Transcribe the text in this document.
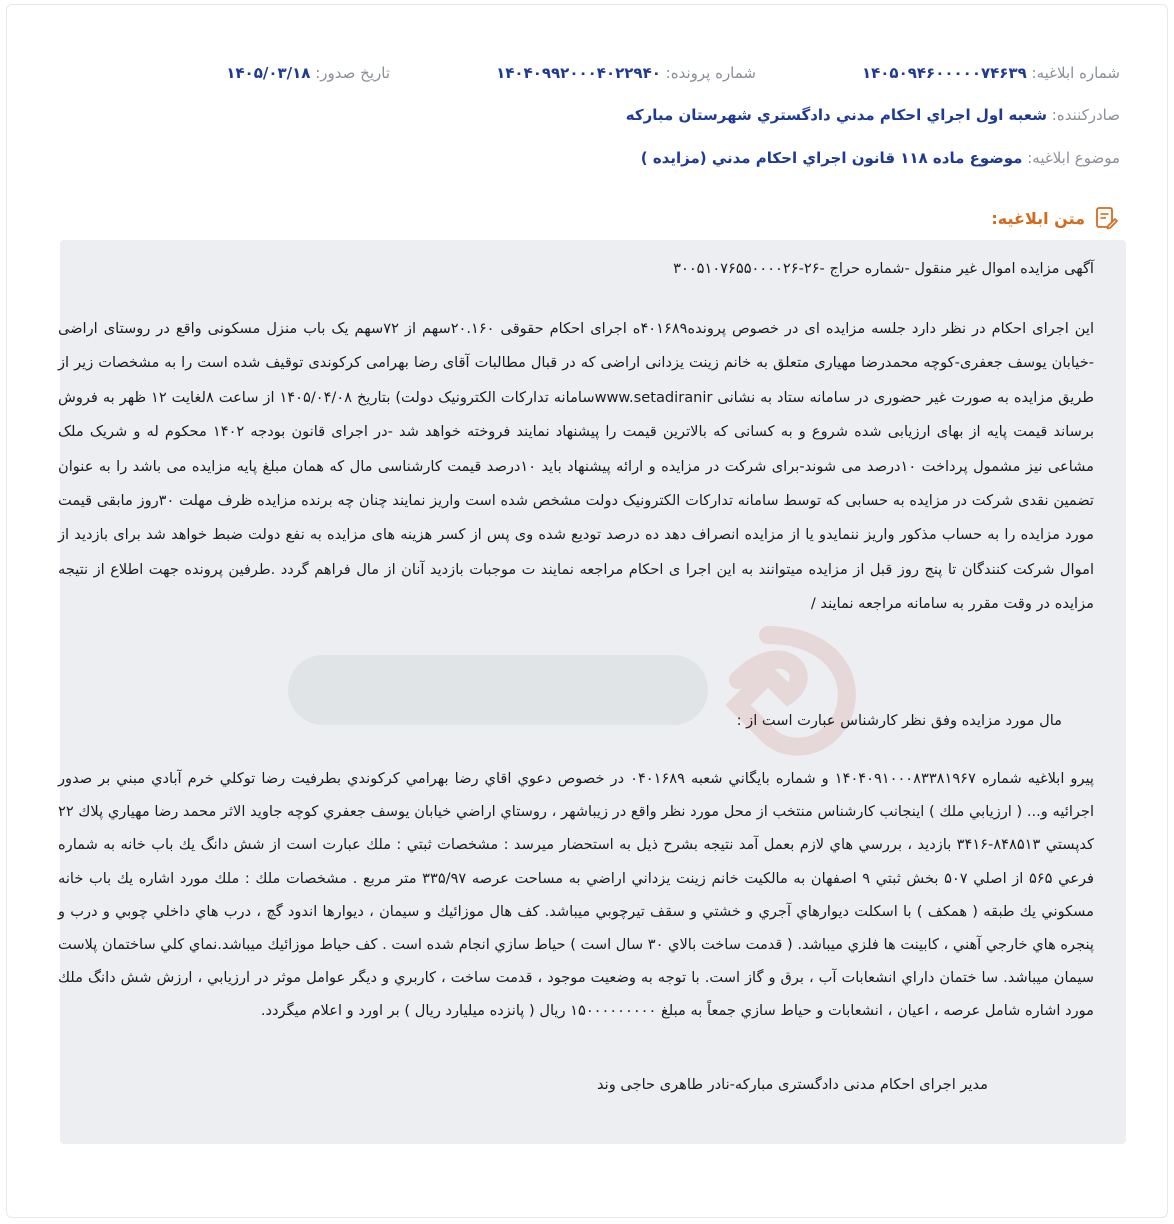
شماره ابلاغیه: ۱۴۰۵۰۹۴۶۰۰۰۰۰۷۴۶۳۹
شماره پرونده: ۱۴۰۴۰۹۹۲۰۰۰۴۰۲۲۹۴۰
تاریخ صدور: ۱۴۰۵/۰۳/۱۸
صادرکننده: شعبه اول اجراي احكام مدني دادگستري شهرستان مباركه
موضوع ابلاغیه: موضوع ماده ۱۱۸ قانون اجراي احكام مدني (مزايده )
متن ابلاغیه:

آگهی مزایده اموال غیر منقول -شماره حراج -۲۶-۳۰۰۵۱۰۷۶۵۵۰۰۰۰۲۶

این اجرای احکام در نظر دارد جلسه مزایده ای در خصوص پرونده۴۰۱۶۸۹ه اجرای احکام حقوقی ۲۰.۱۶۰سهم از ۷۲سهم یک باب منزل مسکونی واقع در روستای اراضی -خیابان یوسف جعفری-کوچه محمدرضا مهیاری متعلق به خانم زینت یزدانی اراضی که در قبال مطالبات آقای رضا بهرامی کرکوندی توقیف شده است را به مشخصات زیر از طریق مزایده به صورت غیر حضوری در سامانه ستاد به نشانی www.setadiranirسامانه تدارکات الکترونیک دولت) بتاریخ ۱۴۰۵/۰۴/۰۸ از ساعت ۸لغایت ۱۲ ظهر به فروش برساند قیمت پایه از بهای ارزیابی شده شروع و به کسانی که بالاترین قیمت را پیشنهاد نمایند فروخته خواهد شد -در اجرای قانون بودجه ۱۴۰۲ محکوم له و شریک ملک مشاعی نیز مشمول پرداخت ۱۰درصد می شوند-برای شرکت در مزایده و ارائه پیشنهاد باید ۱۰درصد قیمت کارشناسی مال که همان مبلغ پایه مزایده می باشد را به عنوان تضمین نقدی شرکت در مزایده به حسابی که توسط سامانه تدارکات الکترونیک دولت مشخص شده است واریز نمایند چنان چه برنده مزایده ظرف مهلت ۳۰روز مابقی قیمت مورد مزایده را به حساب مذکور واریز ننمایدو یا از مزایده انصراف دهد ده درصد تودیع شده وی پس از کسر هزینه های مزایده به نفع دولت ضبط خواهد شد برای بازدید از اموال شرکت کنندگان تا پنج روز قبل از مزایده میتوانند به این اجرا ی احکام مراجعه نمایند ت موجبات بازدید آنان از مال فراهم گردد .طرفین پرونده جهت اطلاع از نتیجه مزایده در وقت مقرر به سامانه مراجعه نمایند /

مال مورد مزایده وفق نظر کارشناس عبارت است از :

پيرو ابلاغيه شماره ۱۴۰۴۰۹۱۰۰۰۸۳۳۸۱۹۶۷ و شماره بايگاني شعبه ۰۴۰۱۶۸۹ در خصوص دعوي اقاي رضا بهرامي كركوندي بطرفيت رضا توكلي خرم آبادي مبني بر صدور اجرائيه و... ( ارزيابي ملك ) اينجانب كارشناس منتخب از محل مورد نظر واقع در زيباشهر ، روستاي اراضي خيابان يوسف جعفري كوچه جاويد الاثر محمد رضا مهياري پلاك ۲۲ كدپستي ۸۴۸۵۱۳-۳۴۱۶ بازديد ، بررسي هاي لازم بعمل آمد نتيجه بشرح ذيل به استحضار ميرسد : مشخصات ثبتي : ملك عبارت است از شش دانگ يك باب خانه به شماره فرعي ۵۶۵ از اصلي ۵۰۷ بخش ثبتي ۹ اصفهان به مالكيت خانم زينت يزداني اراضي به مساحت عرصه ۳۳۵/۹۷ متر مربع . مشخصات ملك : ملك مورد اشاره يك باب خانه مسكوني يك طبقه ( همكف ) با اسكلت ديوارهاي آجري و خشتي و سقف تيرچوبي ميباشد. كف هال موزائيك و سيمان ، ديوارها اندود گچ ، درب هاي داخلي چوبي و درب و پنجره هاي خارجي آهني ، كابينت ها فلزي ميباشد. ( قدمت ساخت بالاي ۳۰ سال است ) حياط سازي انجام شده است . كف حياط موزائيك ميباشد.نماي كلي ساختمان پلاست سيمان ميباشد. سا ختمان داراي انشعابات آب ، برق و گاز است. با توجه به وضعيت موجود ، قدمت ساخت ، كاربري و ديگر عوامل موثر در ارزيابي ، ارزش شش دانگ ملك مورد اشاره شامل عرصه ، اعيان ، انشعابات و حياط سازي جمعاً به مبلغ ۱۵۰۰۰۰۰۰۰۰۰ ريال ( پانزده ميليارد ريال ) بر اورد و اعلام ميگردد.

مدیر اجرای احکام مدنی دادگستری مبارکه-نادر طاهری حاجی وند
